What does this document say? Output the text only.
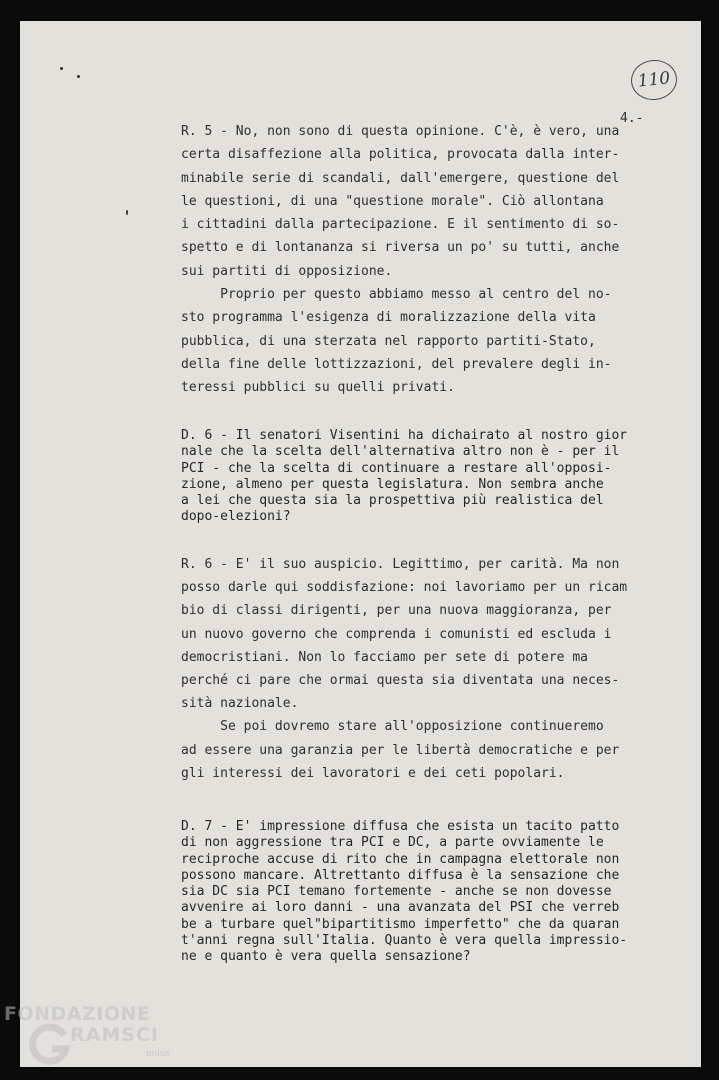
110
4.-
R. 5 - No, non sono di questa opinione. C'è, è vero, una
certa disaffezione alla politica, provocata dalla inter-
minabile serie di scandali, dall'emergere, questione del
le questioni, di una "questione morale". Ciò allontana
i cittadini dalla partecipazione. E il sentimento di so-
spetto e di lontananza si riversa un po' su tutti, anche
sui partiti di opposizione.
Proprio per questo abbiamo messo al centro del no-
sto programma l'esigenza di moralizzazione della vita
pubblica, di una sterzata nel rapporto partiti-Stato,
della fine delle lottizzazioni, del prevalere degli in-
teressi pubblici su quelli privati.
D. 6 - Il senatori Visentini ha dichairato al nostro gior
nale che la scelta dell'alternativa altro non è - per il
PCI - che la scelta di continuare a restare all'opposi-
zione, almeno per questa legislatura. Non sembra anche
a lei che questa sia la prospettiva più realistica del
dopo-elezioni?
R. 6 - E' il suo auspicio. Legittimo, per carità. Ma non
posso darle qui soddisfazione: noi lavoriamo per un ricam
bio di classi dirigenti, per una nuova maggioranza, per
un nuovo governo che comprenda i comunisti ed escluda i
democristiani. Non lo facciamo per sete di potere ma
perché ci pare che ormai questa sia diventata una neces-
sità nazionale.
Se poi dovremo stare all'opposizione continueremo
ad essere una garanzia per le libertà democratiche e per
gli interessi dei lavoratori e dei ceti popolari.
D. 7 - E' impressione diffusa che esista un tacito patto
di non aggressione tra PCI e DC, a parte ovviamente le
reciproche accuse di rito che in campagna elettorale non
possono mancare. Altrettanto diffusa è la sensazione che
sia DC sia PCI temano fortemente - anche se non dovesse
avvenire ai loro danni - una avanzata del PSI che verreb
be a turbare quel"bipartitismo imperfetto" che da quaran
t'anni regna sull'Italia. Quanto è vera quella impressio-
ne e quanto è vera quella sensazione?
FONDAZIONE
RAMSCI
onlus
